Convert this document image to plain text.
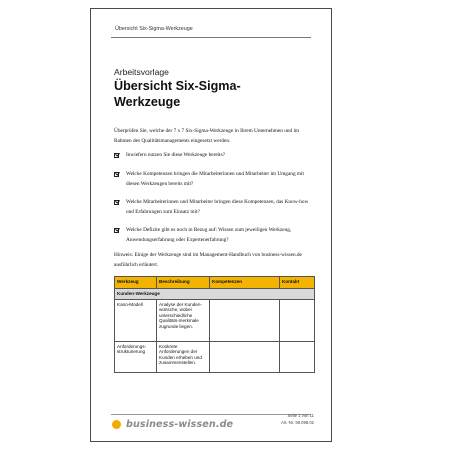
Übersicht Six-Sigma-Werkzeuge
Arbeitsvorlage
Übersicht Six-Sigma-Werkzeuge
Überprüfen Sie, welche der 7 x 7 Six-Sigma-Werkzeuge in Ihrem Unternehmen und im Rahmen des Qualitätsmanagements eingesetzt werden.
Inwiefern nutzen Sie diese Werkzeuge bereits?
Welche Kompetenzen bringen die Mitarbeiterinnen und Mitarbeiter im Umgang mit diesen Werkzeugen bereits mit?
Welche Mitarbeiterinnen und Mitarbeiter bringen diese Kompetenzen, das Know-how und Erfahrungen zum Einsatz mit?
Welche Defizite gibt es noch in Bezug auf: Wissen zum jeweiligen Werkzeug, Anwendungserfahrung oder Expertenerfahrung?
Hinweis: Einige der Werkzeuge sind im Management-Handbuch von business-wissen.de ausführlich erläutert.
Werkzeug	Beschreibung	Kompetenzen	Kontakt
Kunden-Werkzeuge			
Kano-Modell	Analyse der Kunden-wünsche, wobei unterschiedliche Qualitäts-merkmale zugrunde liegen.		
Anforderungs-strukturierung	Konkrete Anforderungen der Kunden erheben und zusammenstellen.		
business-wissen.de
Seite 1 von 11
Art.-Nr. 99.098.02
